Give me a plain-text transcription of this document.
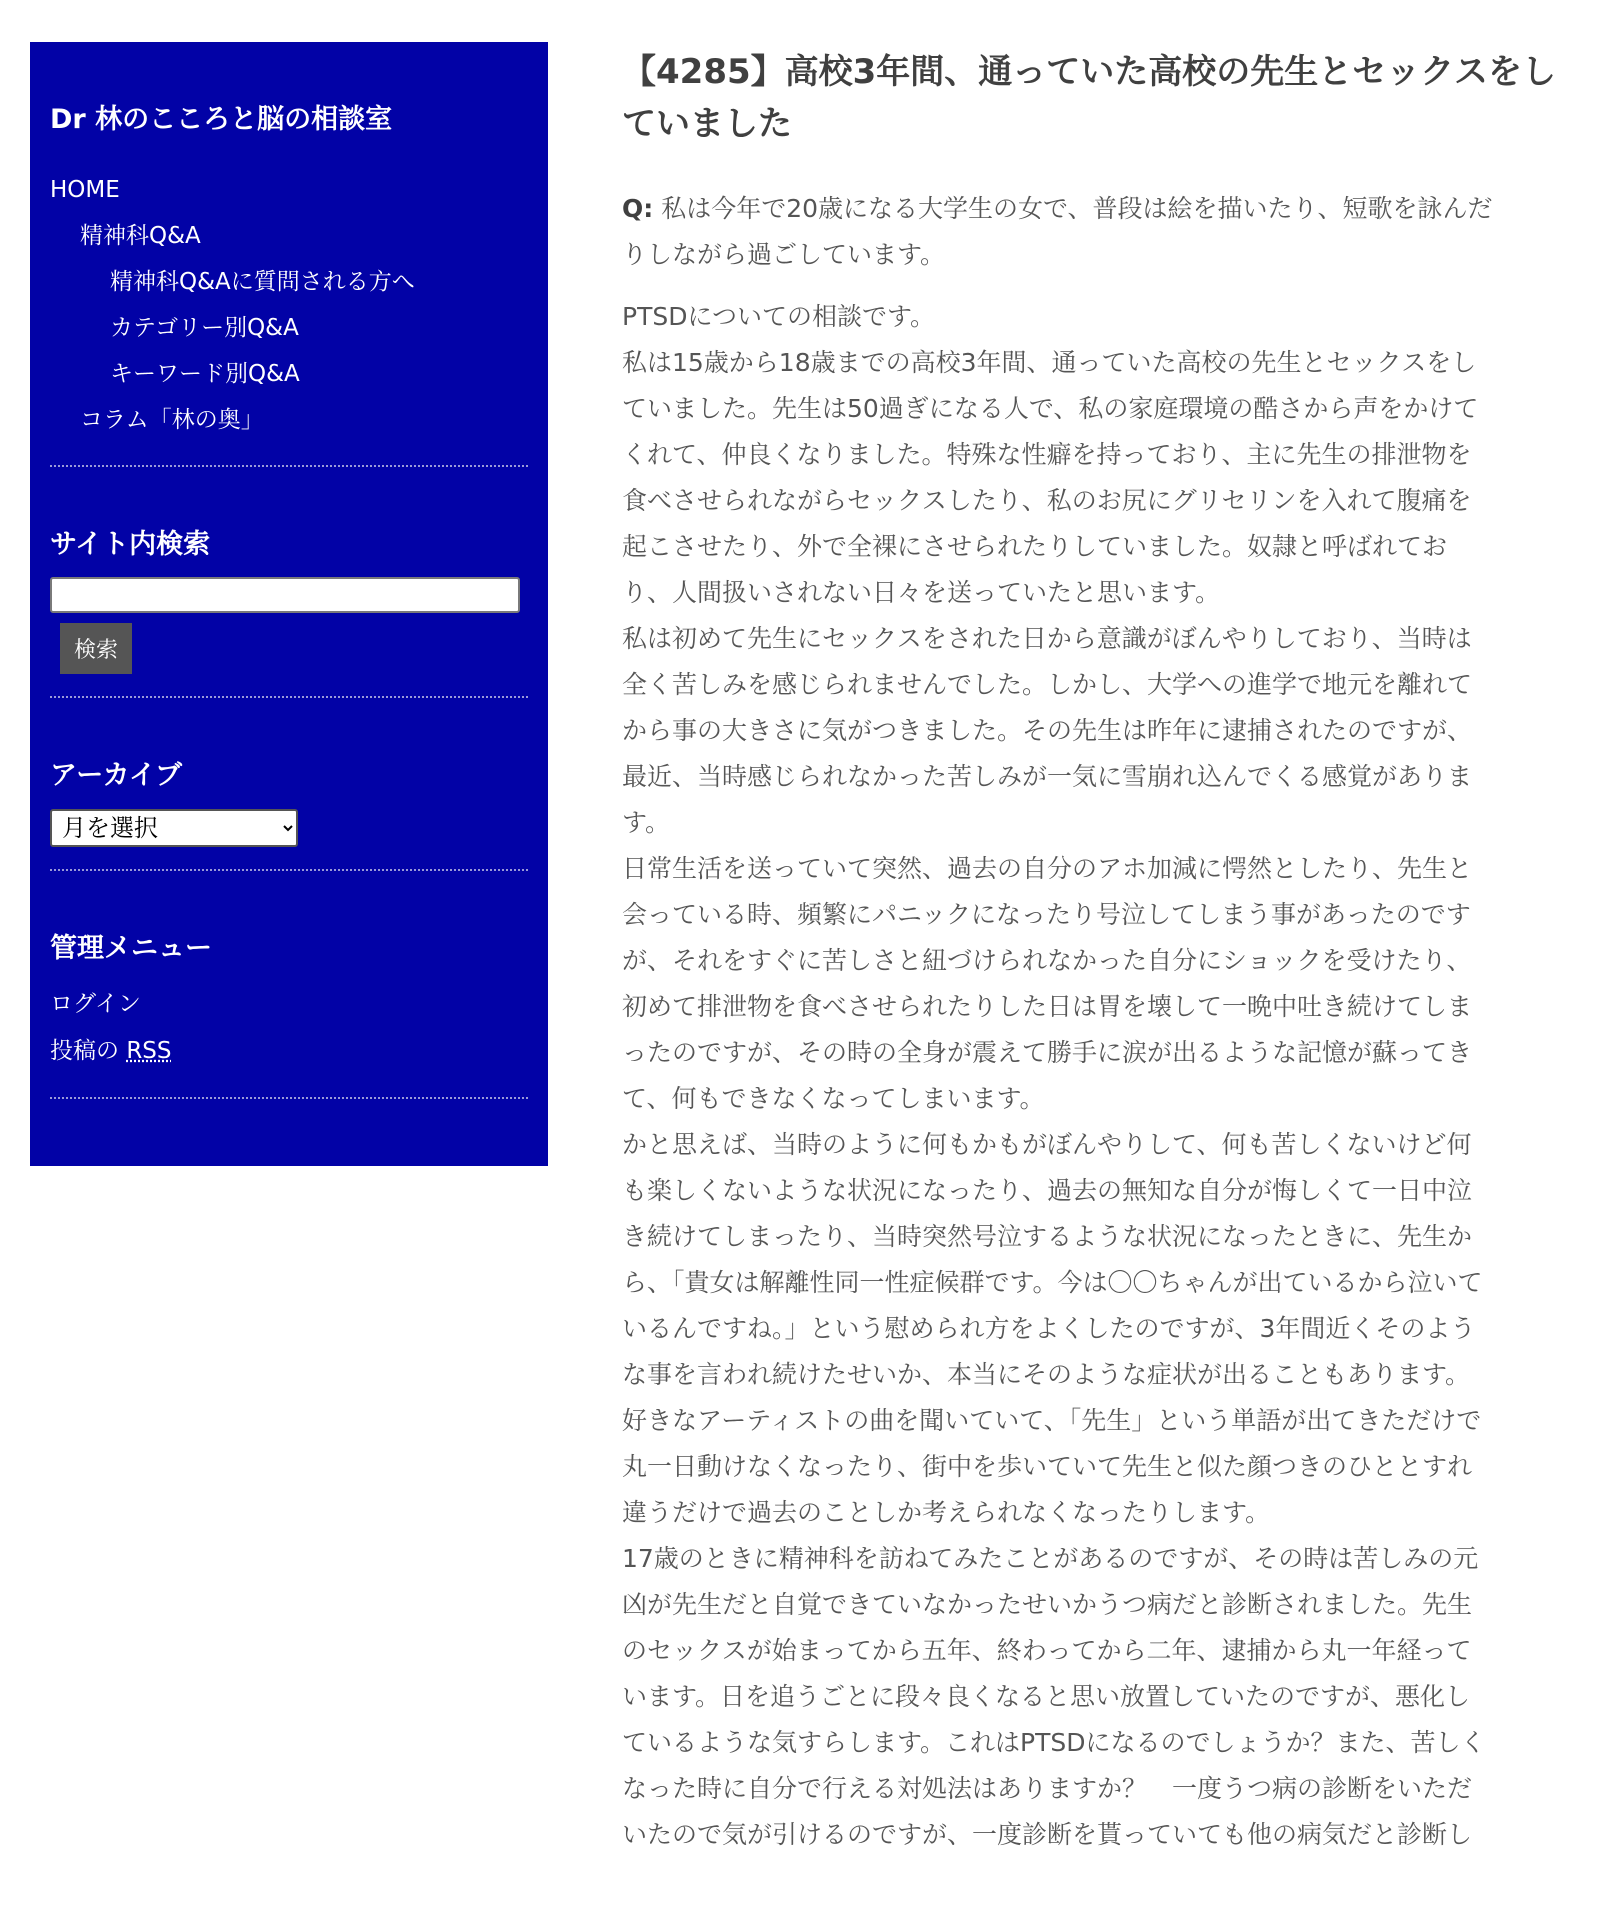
Dr 林のこころと脳の相談室
HOME
精神科Q&A
精神科Q&Aに質問される方へ
カテゴリー別Q&A
キーワード別Q&A
コラム「林の奥」
サイト内検索
検索
アーカイブ
月を選択
管理メニュー
ログイン
投稿の RSS
【4285】高校3年間、通っていた高校の先生とセックスをし
ていました

Q: 私は今年で20歳になる大学生の女で、普段は絵を描いたり、短歌を詠んだ

りしながら過ごしています。

PTSDについての相談です。

私は15歳から18歳までの高校3年間、通っていた高校の先生とセックスをし

ていました。先生は50過ぎになる人で、私の家庭環境の酷さから声をかけて

くれて、仲良くなりました。特殊な性癖を持っており、主に先生の排泄物を

食べさせられながらセックスしたり、私のお尻にグリセリンを入れて腹痛を

起こさせたり、外で全裸にさせられたりしていました。奴隷と呼ばれてお

り、人間扱いされない日々を送っていたと思います。

私は初めて先生にセックスをされた日から意識がぼんやりしており、当時は

全く苦しみを感じられませんでした。しかし、大学への進学で地元を離れて

から事の大きさに気がつきました。その先生は昨年に逮捕されたのですが、

最近、当時感じられなかった苦しみが一気に雪崩れ込んでくる感覚がありま

す。

日常生活を送っていて突然、過去の自分のアホ加減に愕然としたり、先生と

会っている時、頻繁にパニックになったり号泣してしまう事があったのです

が、それをすぐに苦しさと紐づけられなかった自分にショックを受けたり、

初めて排泄物を食べさせられたりした日は胃を壊して一晩中吐き続けてしま

ったのですが、その時の全身が震えて勝手に涙が出るような記憶が蘇ってき

て、何もできなくなってしまいます。

かと思えば、当時のように何もかもがぼんやりして、何も苦しくないけど何

も楽しくないような状況になったり、過去の無知な自分が悔しくて一日中泣

き続けてしまったり、当時突然号泣するような状況になったときに、先生か

ら、「貴女は解離性同一性症候群です。今は〇〇ちゃんが出ているから泣いて

いるんですね。」という慰められ方をよくしたのですが、3年間近くそのよう

な事を言われ続けたせいか、本当にそのような症状が出ることもあります。

好きなアーティストの曲を聞いていて、「先生」という単語が出てきただけで

丸一日動けなくなったり、街中を歩いていて先生と似た顔つきのひととすれ

違うだけで過去のことしか考えられなくなったりします。

17歳のときに精神科を訪ねてみたことがあるのですが、その時は苦しみの元

凶が先生だと自覚できていなかったせいかうつ病だと診断されました。先生

のセックスが始まってから五年、終わってから二年、逮捕から丸一年経って

います。日を追うごとに段々良くなると思い放置していたのですが、悪化し

ているような気すらします。これはPTSDになるのでしょうか？また、苦しく

なった時に自分で行える対処法はありますか？　一度うつ病の診断をいただ

いたので気が引けるのですが、一度診断を貰っていても他の病気だと診断し
